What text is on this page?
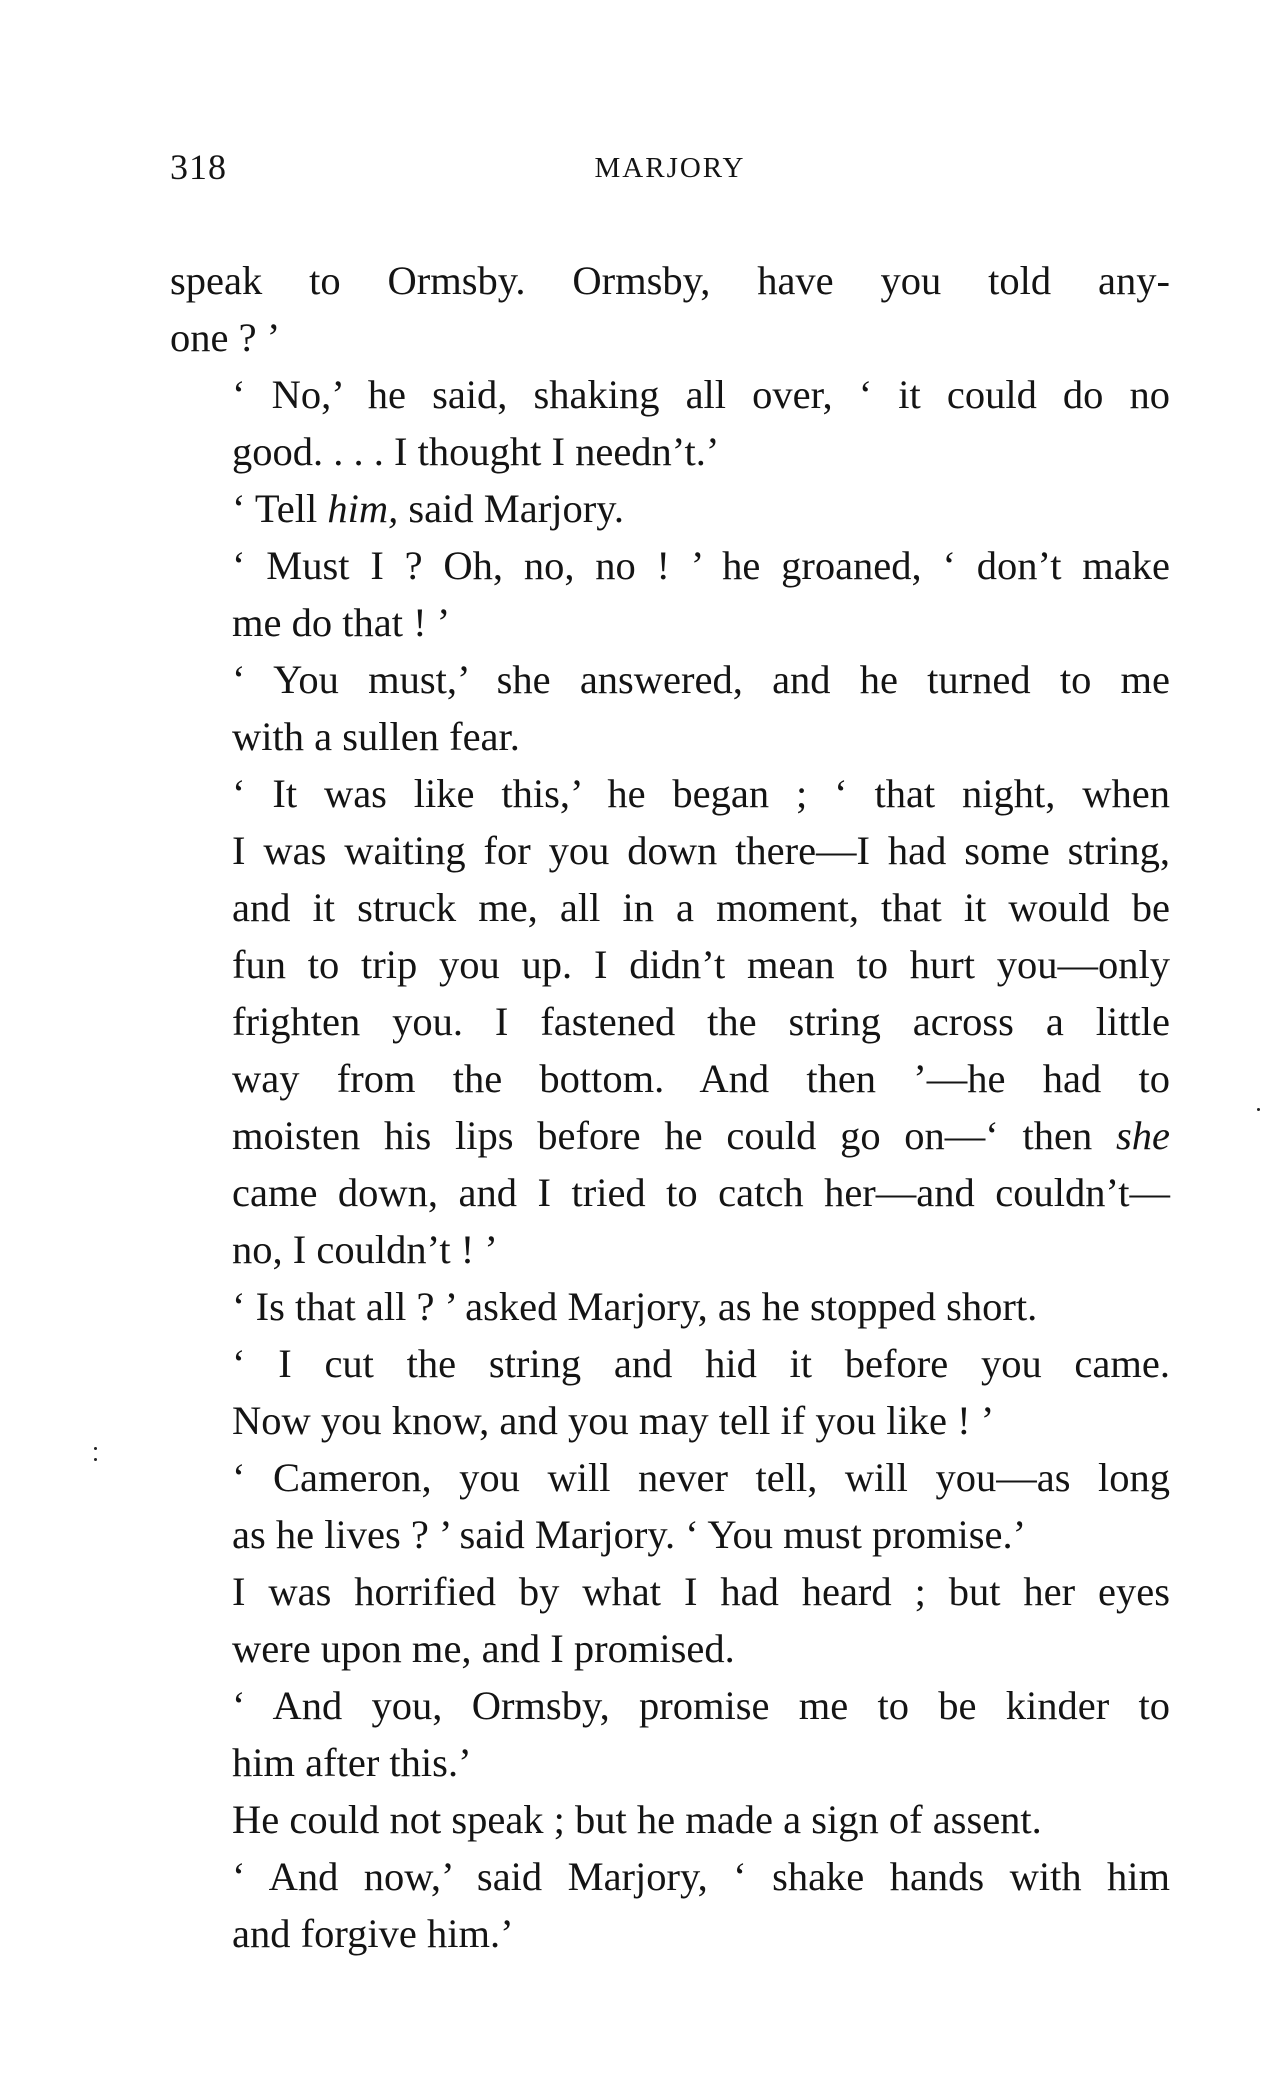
318	MARJORY

speak to Ormsby. Ormsby, have you told any-
one ? ’

‘ No,’ he said, shaking all over, ‘ it could do no
good. . . . I thought I needn’t.’

‘ Tell him, said Marjory.

‘ Must I ? Oh, no, no ! ’ he groaned, ‘ don’t make
me do that ! ’

‘ You must,’ she answered, and he turned to me
with a sullen fear.

‘ It was like this,’ he began ; ‘ that night, when
I was waiting for you down there—I had some string,
and it struck me, all in a moment, that it would be
fun to trip you up. I didn’t mean to hurt you—only
frighten you. I fastened the string across a little
way from the bottom. And then ’—he had to
moisten his lips before he could go on—‘ then she
came down, and I tried to catch her—and couldn’t—
no, I couldn’t ! ’

‘ Is that all ? ’ asked Marjory, as he stopped short.

‘ I cut the string and hid it before you came.
Now you know, and you may tell if you like ! ’

‘ Cameron, you will never tell, will you—as long
as he lives ? ’ said Marjory. ‘ You must promise.’

I was horrified by what I had heard ; but her eyes
were upon me, and I promised.

‘ And you, Ormsby, promise me to be kinder to
him after this.’

He could not speak ; but he made a sign of assent.

‘ And now,’ said Marjory, ‘ shake hands with him
and forgive him.’
